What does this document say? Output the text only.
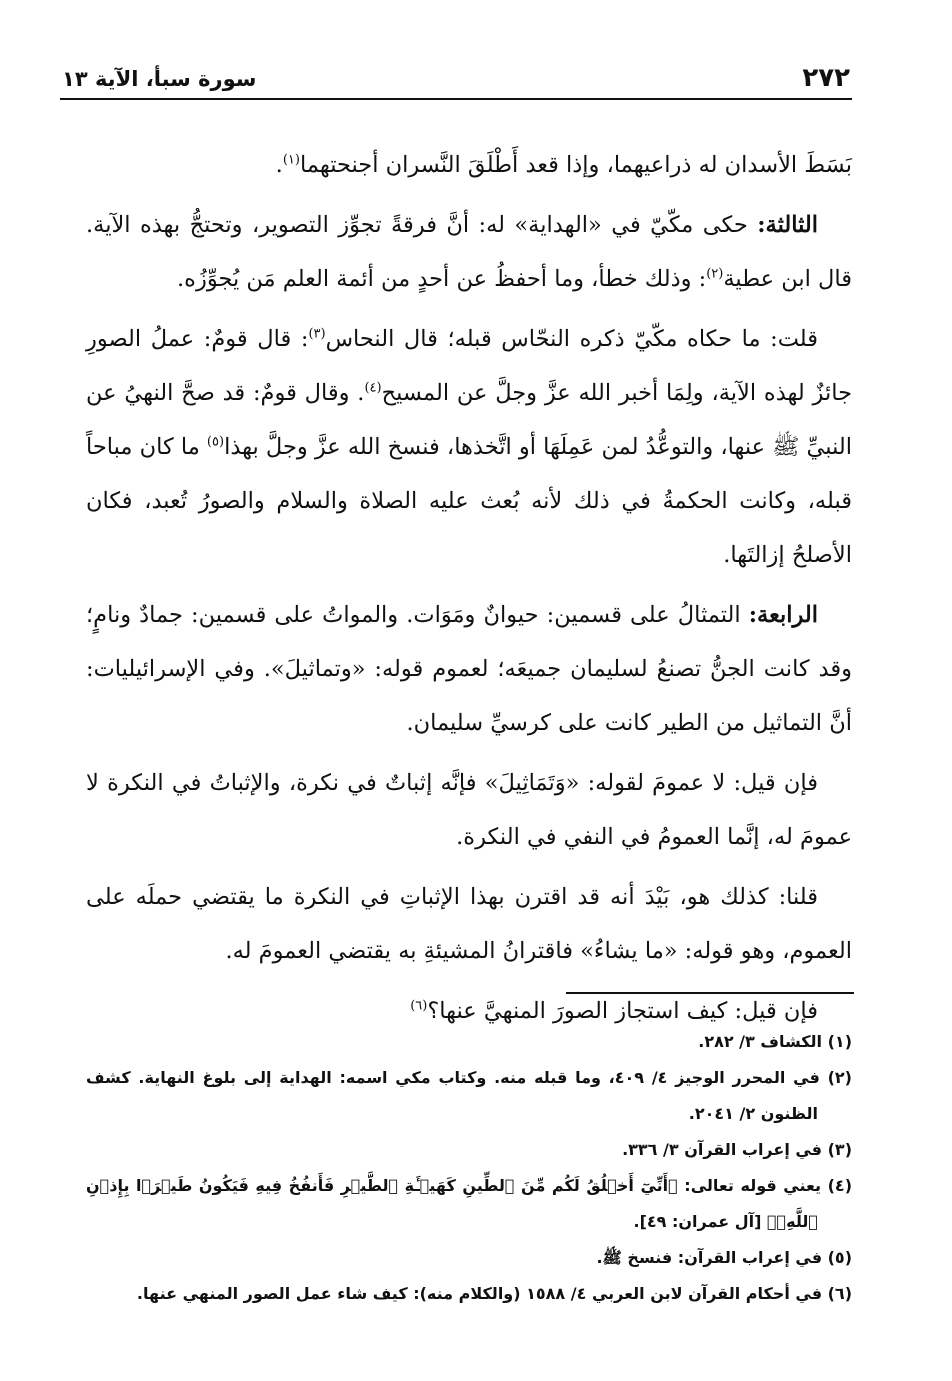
٢٧٢
سورة سبأ، الآية ١٣

بَسَطَ الأسدان له ذراعيهما، وإذا قعد أَطْلَقَ النَّسران أجنحتهما$^{(١)}$.

الثالثة: حكى مكّيّ في «الهداية» له: أنَّ فرقةً تجوِّز التصوير، وتحتجُّ بهذه الآية. قال ابن عطية$^{(٢)}$: وذلك خطأ، وما أحفظُ عن أحدٍ من أئمة العلم مَن يُجوِّزُه.

قلت: ما حكاه مكّيّ ذكره النحّاس قبله؛ قال النحاس$^{(٣)}$: قال قومٌ: عملُ الصورِ جائزٌ لهذه الآية، ولِمَا أخبر الله عزَّ وجلَّ عن المسيح$^{(٤)}$. وقال قومٌ: قد صحَّ النهيُ عن النبيِّ ﷺ عنها، والتوعُّدُ لمن عَمِلَهَا أو اتَّخذها، فنسخ الله عزَّ وجلَّ بهذا$^{(٥)}$ ما كان مباحاً قبله، وكانت الحكمةُ في ذلك لأنه بُعث عليه الصلاة والسلام والصورُ تُعبد، فكان الأصلحُ إزالتَها.

الرابعة: التمثالُ على قسمين: حيوانٌ ومَوَات. والمواتُ على قسمين: جمادٌ ونامٍ؛ وقد كانت الجنُّ تصنعُ لسليمان جميعَه؛ لعموم قوله: «وتماثيلَ». وفي الإسرائيليات: أنَّ التماثيل من الطير كانت على كرسيِّ سليمان.

فإن قيل: لا عمومَ لقوله: «وَتَمَاثِيلَ» فإنَّه إثباتٌ في نكرة، والإثباتُ في النكرة لا عمومَ له، إنَّما العمومُ في النفي في النكرة.

قلنا: كذلك هو، بَيْدَ أنه قد اقترن بهذا الإثباتِ في النكرة ما يقتضي حملَه على العموم، وهو قوله: «ما يشاءُ» فاقترانُ المشيئةِ به يقتضي العمومَ له.

فإن قيل: كيف استجاز الصورَ المنهيَّ عنها؟$^{(٦)}$

(١) الكشاف ٣/ ٢٨٢.

(٢) في المحرر الوجيز ٤/ ٤٠٩، وما قبله منه. وكتاب مكي اسمه: الهداية إلى بلوغ النهاية. كشف الظنون ٢/ ٢٠٤١.

(٣) في إعراب القرآن ٣/ ٣٣٦.

(٤) يعني قوله تعالى: ﴿أَنِّيٓ أَخۡلُقُ لَكُم مِّنَ ٱلطِّينِ كَهَيۡـَٔةِ ٱلطَّيۡرِ فَأَنفُخُ فِيهِ فَيَكُونُ طَيۡرَۢا بِإِذۡنِ ٱللَّهِۖ﴾ [آل عمران: ٤٩].

(٥) في إعراب القرآن: فنسخ ﷺ.

(٦) في أحكام القرآن لابن العربي ٤/ ١٥٨٨ (والكلام منه): كيف شاء عمل الصور المنهي عنها.
